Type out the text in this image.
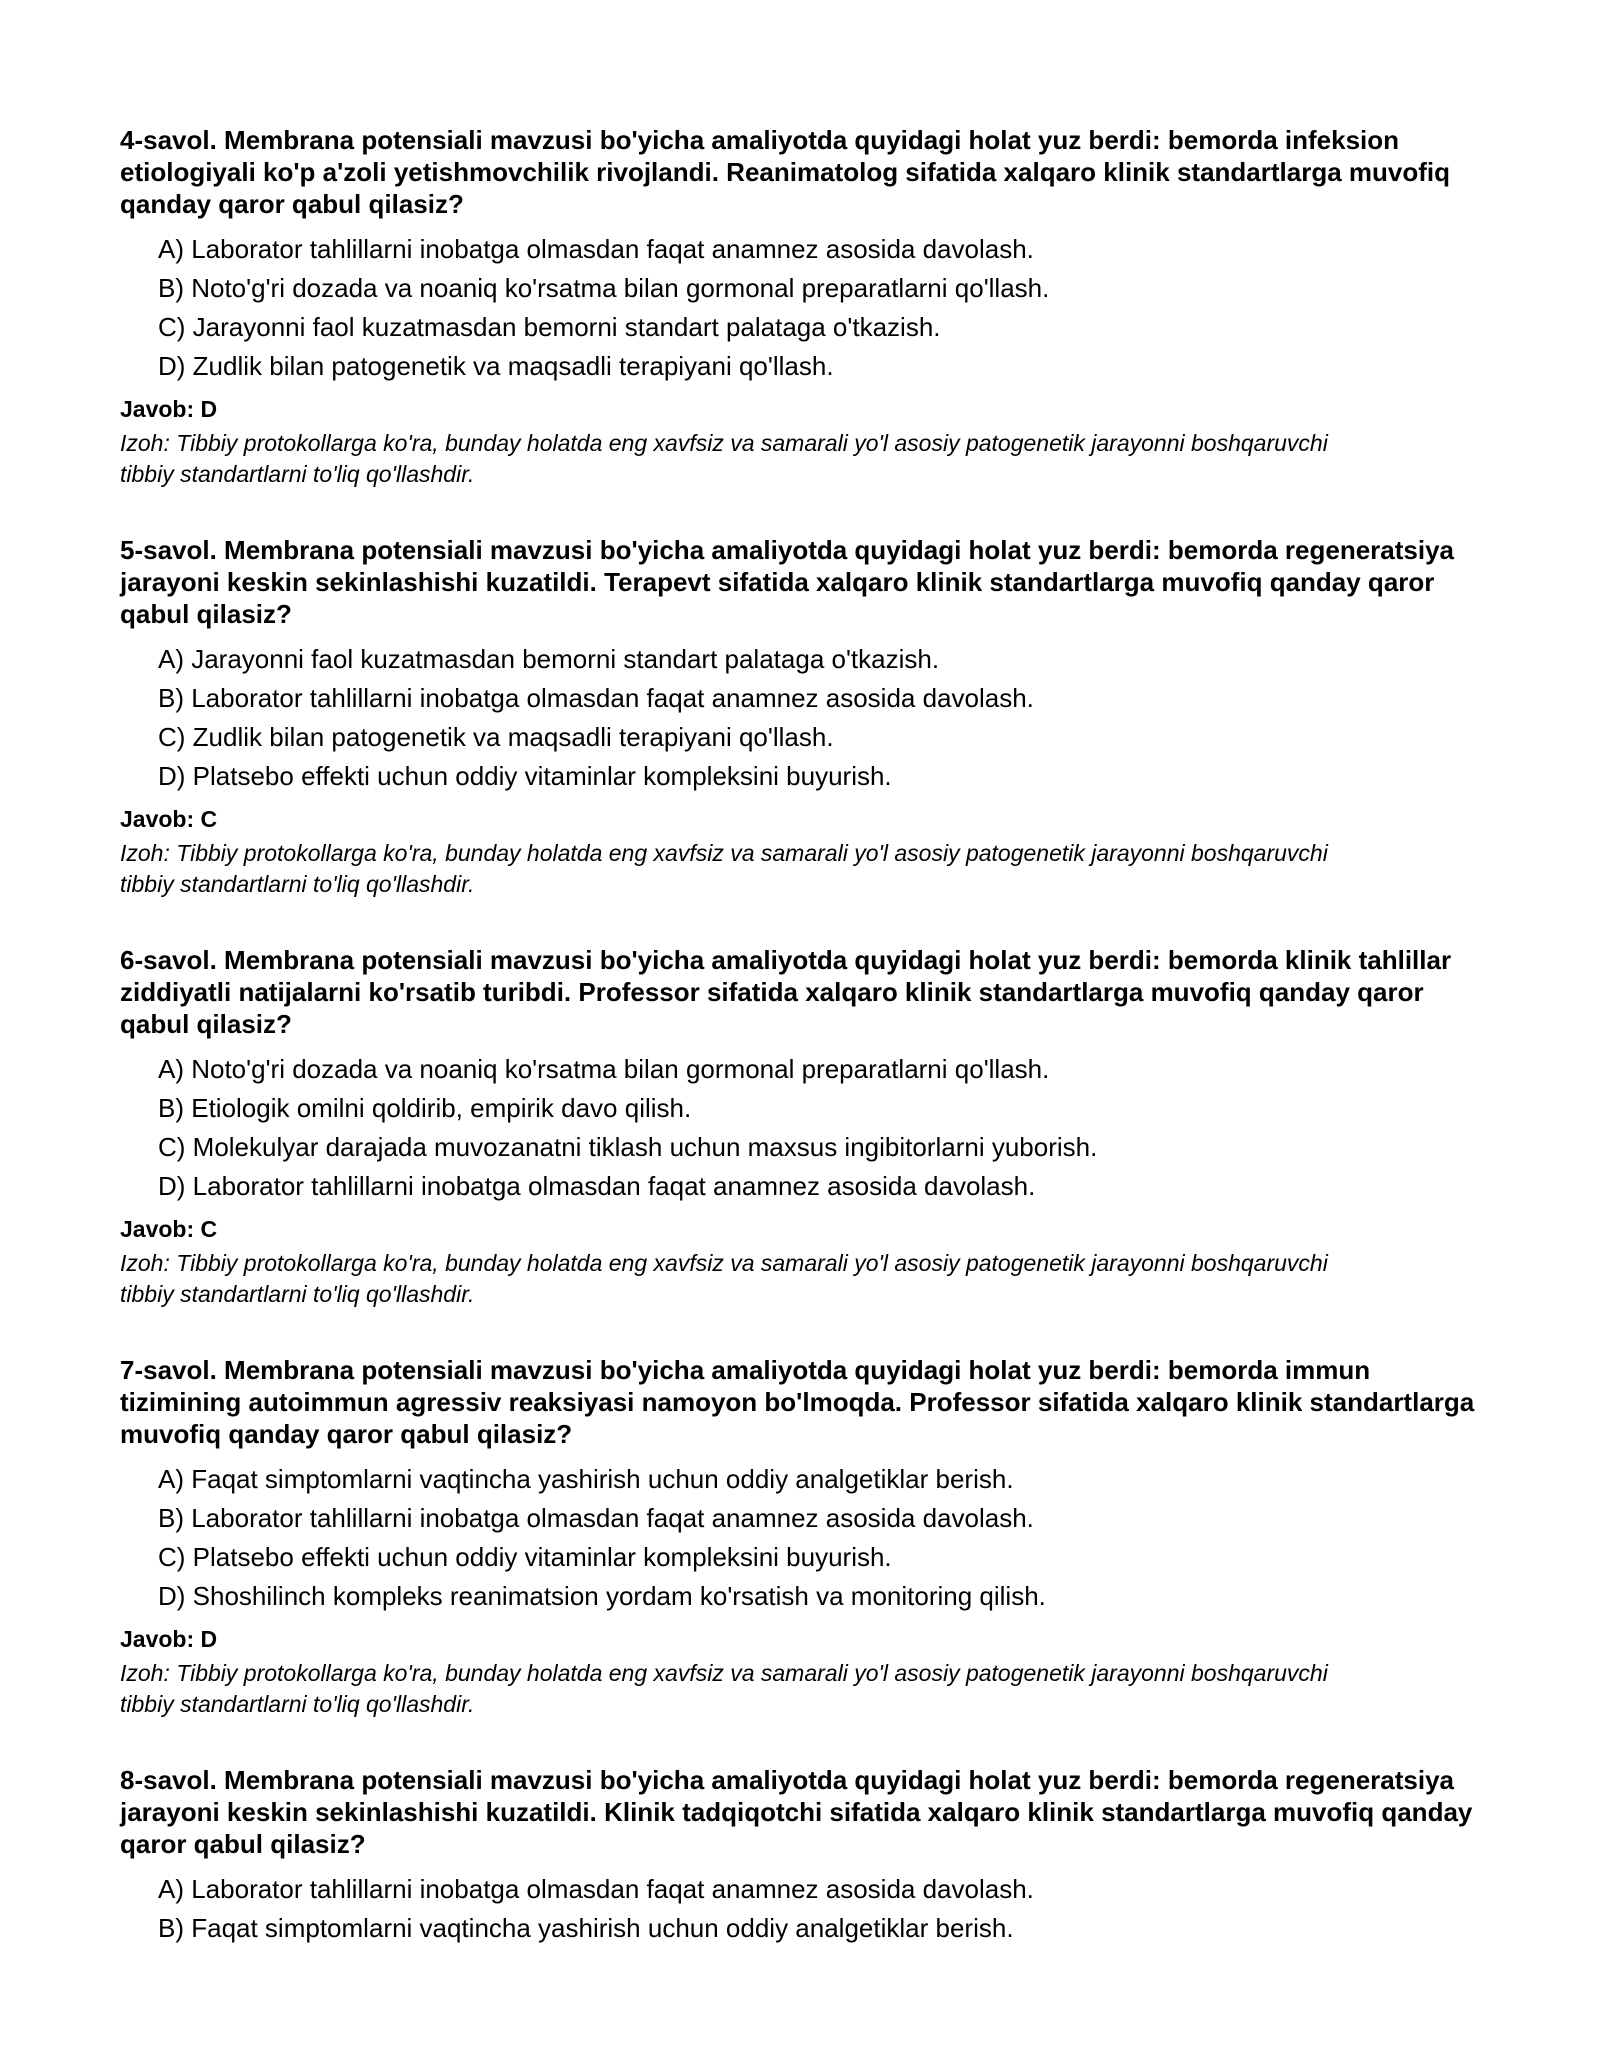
4-savol. Membrana potensiali mavzusi bo'yicha amaliyotda quyidagi holat yuz berdi: bemorda infeksion etiologiyali ko'p a'zoli yetishmovchilik rivojlandi. Reanimatolog sifatida xalqaro klinik standartlarga muvofiq qanday qaror qabul qilasiz?
A) Laborator tahlillarni inobatga olmasdan faqat anamnez asosida davolash.
B) Noto'g'ri dozada va noaniq ko'rsatma bilan gormonal preparatlarni qo'llash.
C) Jarayonni faol kuzatmasdan bemorni standart palataga o'tkazish.
D) Zudlik bilan patogenetik va maqsadli terapiyani qo'llash.
Javob: D

Izoh: Tibbiy protokollarga ko'ra, bunday holatda eng xavfsiz va samarali yo'l asosiy patogenetik jarayonni boshqaruvchi tibbiy standartlarni to'liq qo'llashdir.

5-savol. Membrana potensiali mavzusi bo'yicha amaliyotda quyidagi holat yuz berdi: bemorda regeneratsiya jarayoni keskin sekinlashishi kuzatildi. Terapevt sifatida xalqaro klinik standartlarga muvofiq qanday qaror qabul qilasiz?
A) Jarayonni faol kuzatmasdan bemorni standart palataga o'tkazish.
B) Laborator tahlillarni inobatga olmasdan faqat anamnez asosida davolash.
C) Zudlik bilan patogenetik va maqsadli terapiyani qo'llash.
D) Platsebo effekti uchun oddiy vitaminlar kompleksini buyurish.
Javob: C

Izoh: Tibbiy protokollarga ko'ra, bunday holatda eng xavfsiz va samarali yo'l asosiy patogenetik jarayonni boshqaruvchi tibbiy standartlarni to'liq qo'llashdir.

6-savol. Membrana potensiali mavzusi bo'yicha amaliyotda quyidagi holat yuz berdi: bemorda klinik tahlillar ziddiyatli natijalarni ko'rsatib turibdi. Professor sifatida xalqaro klinik standartlarga muvofiq qanday qaror qabul qilasiz?
A) Noto'g'ri dozada va noaniq ko'rsatma bilan gormonal preparatlarni qo'llash.
B) Etiologik omilni qoldirib, empirik davo qilish.
C) Molekulyar darajada muvozanatni tiklash uchun maxsus ingibitorlarni yuborish.
D) Laborator tahlillarni inobatga olmasdan faqat anamnez asosida davolash.
Javob: C

Izoh: Tibbiy protokollarga ko'ra, bunday holatda eng xavfsiz va samarali yo'l asosiy patogenetik jarayonni boshqaruvchi tibbiy standartlarni to'liq qo'llashdir.

7-savol. Membrana potensiali mavzusi bo'yicha amaliyotda quyidagi holat yuz berdi: bemorda immun tizimining autoimmun agressiv reaksiyasi namoyon bo'lmoqda. Professor sifatida xalqaro klinik standartlarga muvofiq qanday qaror qabul qilasiz?
A) Faqat simptomlarni vaqtincha yashirish uchun oddiy analgetiklar berish.
B) Laborator tahlillarni inobatga olmasdan faqat anamnez asosida davolash.
C) Platsebo effekti uchun oddiy vitaminlar kompleksini buyurish.
D) Shoshilinch kompleks reanimatsion yordam ko'rsatish va monitoring qilish.
Javob: D

Izoh: Tibbiy protokollarga ko'ra, bunday holatda eng xavfsiz va samarali yo'l asosiy patogenetik jarayonni boshqaruvchi tibbiy standartlarni to'liq qo'llashdir.

8-savol. Membrana potensiali mavzusi bo'yicha amaliyotda quyidagi holat yuz berdi: bemorda regeneratsiya jarayoni keskin sekinlashishi kuzatildi. Klinik tadqiqotchi sifatida xalqaro klinik standartlarga muvofiq qanday qaror qabul qilasiz?
A) Laborator tahlillarni inobatga olmasdan faqat anamnez asosida davolash.
B) Faqat simptomlarni vaqtincha yashirish uchun oddiy analgetiklar berish.
